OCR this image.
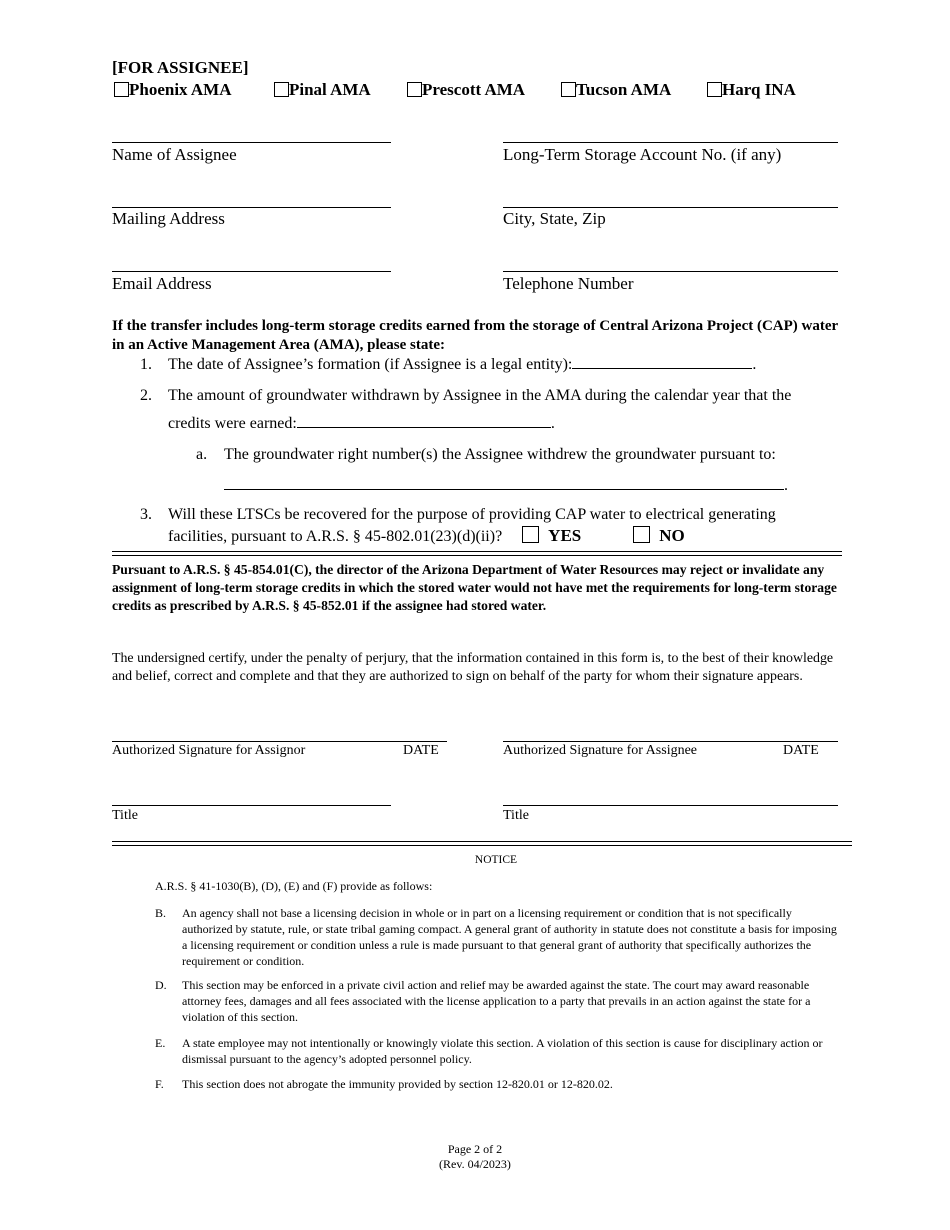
[FOR ASSIGNEE]
Phoenix AMA	Pinal AMA	Prescott AMA	Tucson AMA	Harq INA
Name of Assignee	Long-Term Storage Account No. (if any)
Mailing Address	City, State, Zip
Email Address	Telephone Number
If the transfer includes long-term storage credits earned from the storage of Central Arizona Project (CAP) water in an Active Management Area (AMA), please state:
1. The date of Assignee’s formation (if Assignee is a legal entity):	.
2. The amount of groundwater withdrawn by Assignee in the AMA during the calendar year that the
credits were earned:	.
a. The groundwater right number(s) the Assignee withdrew the groundwater pursuant to:
.
3. Will these LTSCs be recovered for the purpose of providing CAP water to electrical generating
facilities, pursuant to A.R.S. § 45-802.01(23)(d)(ii)?	YES	NO
Pursuant to A.R.S. § 45-854.01(C), the director of the Arizona Department of Water Resources may reject or invalidate any assignment of long-term storage credits in which the stored water would not have met the requirements for long-term storage credits as prescribed by A.R.S. § 45-852.01 if the assignee had stored water.
The undersigned certify, under the penalty of perjury, that the information contained in this form is, to the best of their knowledge and belief, correct and complete and that they are authorized to sign on behalf of the party for whom their signature appears.
Authorized Signature for Assignor	DATE	Authorized Signature for Assignee	DATE
Title	Title
NOTICE
A.R.S. § 41-1030(B), (D), (E) and (F) provide as follows:
B. An agency shall not base a licensing decision in whole or in part on a licensing requirement or condition that is not specifically authorized by statute, rule, or state tribal gaming compact. A general grant of authority in statute does not constitute a basis for imposing a licensing requirement or condition unless a rule is made pursuant to that general grant of authority that specifically authorizes the requirement or condition.
D. This section may be enforced in a private civil action and relief may be awarded against the state. The court may award reasonable attorney fees, damages and all fees associated with the license application to a party that prevails in an action against the state for a violation of this section.
E. A state employee may not intentionally or knowingly violate this section. A violation of this section is cause for disciplinary action or dismissal pursuant to the agency’s adopted personnel policy.
F. This section does not abrogate the immunity provided by section 12-820.01 or 12-820.02.
Page 2 of 2
(Rev. 04/2023)
